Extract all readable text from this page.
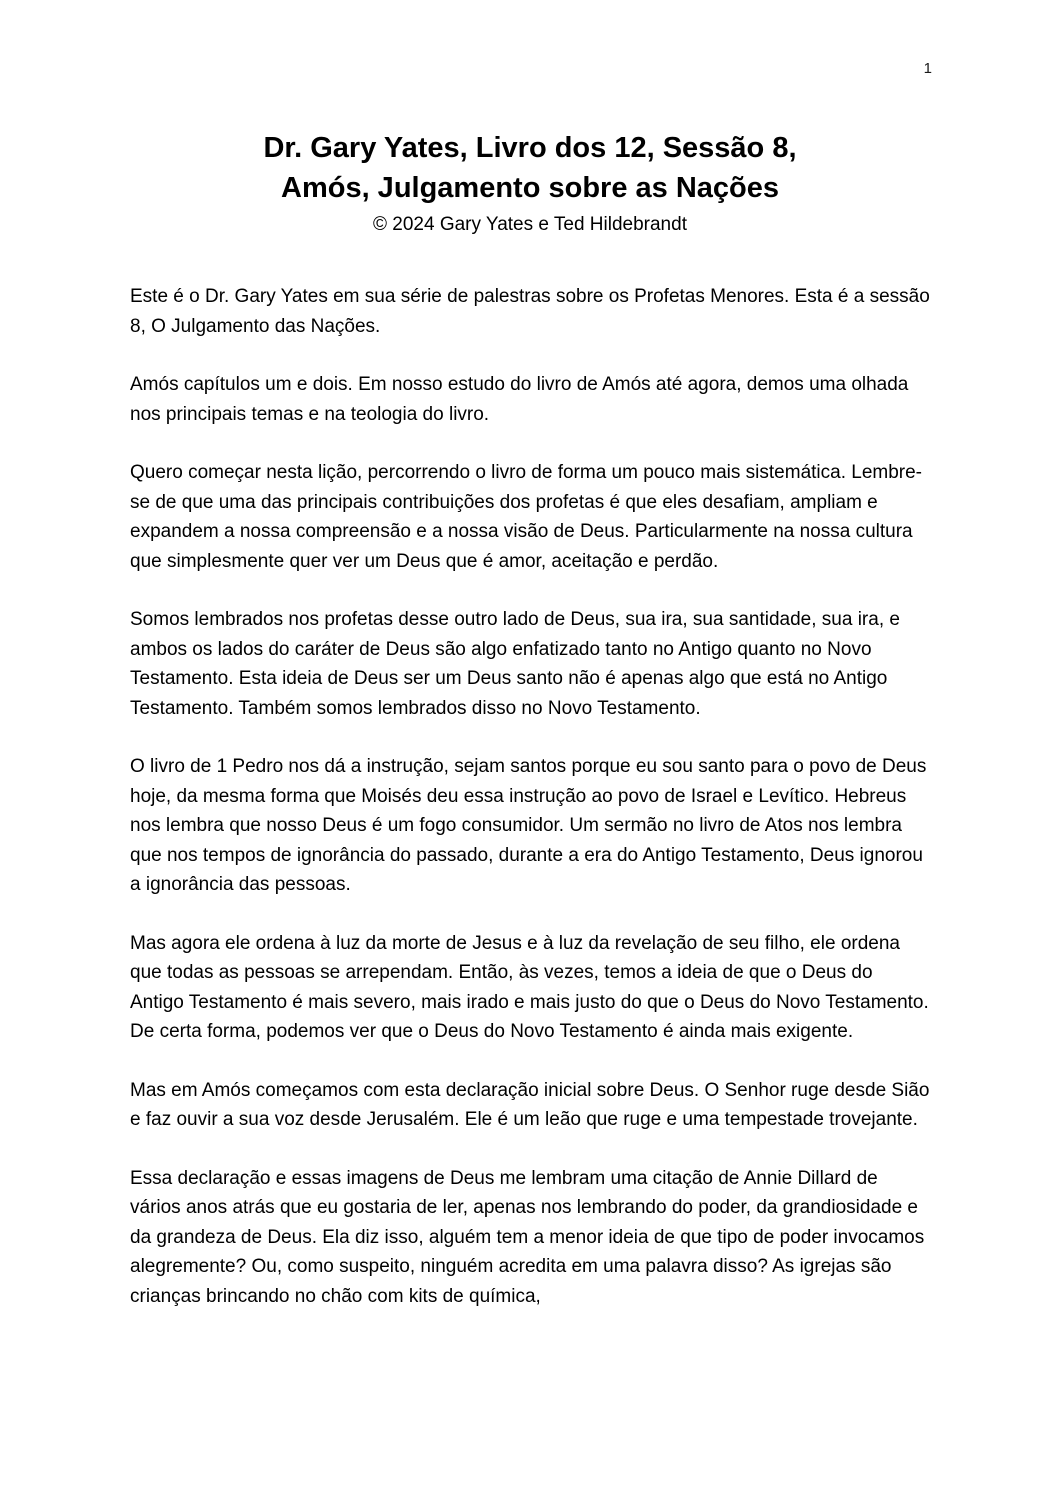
1
Dr. Gary Yates, Livro dos 12, Sessão 8,
Amós, Julgamento sobre as Nações
© 2024 Gary Yates e Ted Hildebrandt

Este é o Dr. Gary Yates em sua série de palestras sobre os Profetas Menores. Esta é a sessão 8, O Julgamento das Nações.

Amós capítulos um e dois. Em nosso estudo do livro de Amós até agora, demos uma olhada nos principais temas e na teologia do livro.

Quero começar nesta lição, percorrendo o livro de forma um pouco mais sistemática. Lembre-se de que uma das principais contribuições dos profetas é que eles desafiam, ampliam e expandem a nossa compreensão e a nossa visão de Deus. Particularmente na nossa cultura que simplesmente quer ver um Deus que é amor, aceitação e perdão.

Somos lembrados nos profetas desse outro lado de Deus, sua ira, sua santidade, sua ira, e ambos os lados do caráter de Deus são algo enfatizado tanto no Antigo quanto no Novo Testamento. Esta ideia de Deus ser um Deus santo não é apenas algo que está no Antigo Testamento. Também somos lembrados disso no Novo Testamento.

O livro de 1 Pedro nos dá a instrução, sejam santos porque eu sou santo para o povo de Deus hoje, da mesma forma que Moisés deu essa instrução ao povo de Israel e Levítico. Hebreus nos lembra que nosso Deus é um fogo consumidor. Um sermão no livro de Atos nos lembra que nos tempos de ignorância do passado, durante a era do Antigo Testamento, Deus ignorou a ignorância das pessoas.

Mas agora ele ordena à luz da morte de Jesus e à luz da revelação de seu filho, ele ordena que todas as pessoas se arrependam. Então, às vezes, temos a ideia de que o Deus do Antigo Testamento é mais severo, mais irado e mais justo do que o Deus do Novo Testamento. De certa forma, podemos ver que o Deus do Novo Testamento é ainda mais exigente.

Mas em Amós começamos com esta declaração inicial sobre Deus. O Senhor ruge desde Sião e faz ouvir a sua voz desde Jerusalém. Ele é um leão que ruge e uma tempestade trovejante.

Essa declaração e essas imagens de Deus me lembram uma citação de Annie Dillard de vários anos atrás que eu gostaria de ler, apenas nos lembrando do poder, da grandiosidade e da grandeza de Deus. Ela diz isso, alguém tem a menor ideia de que tipo de poder invocamos alegremente? Ou, como suspeito, ninguém acredita em uma palavra disso? As igrejas são crianças brincando no chão com kits de química,
